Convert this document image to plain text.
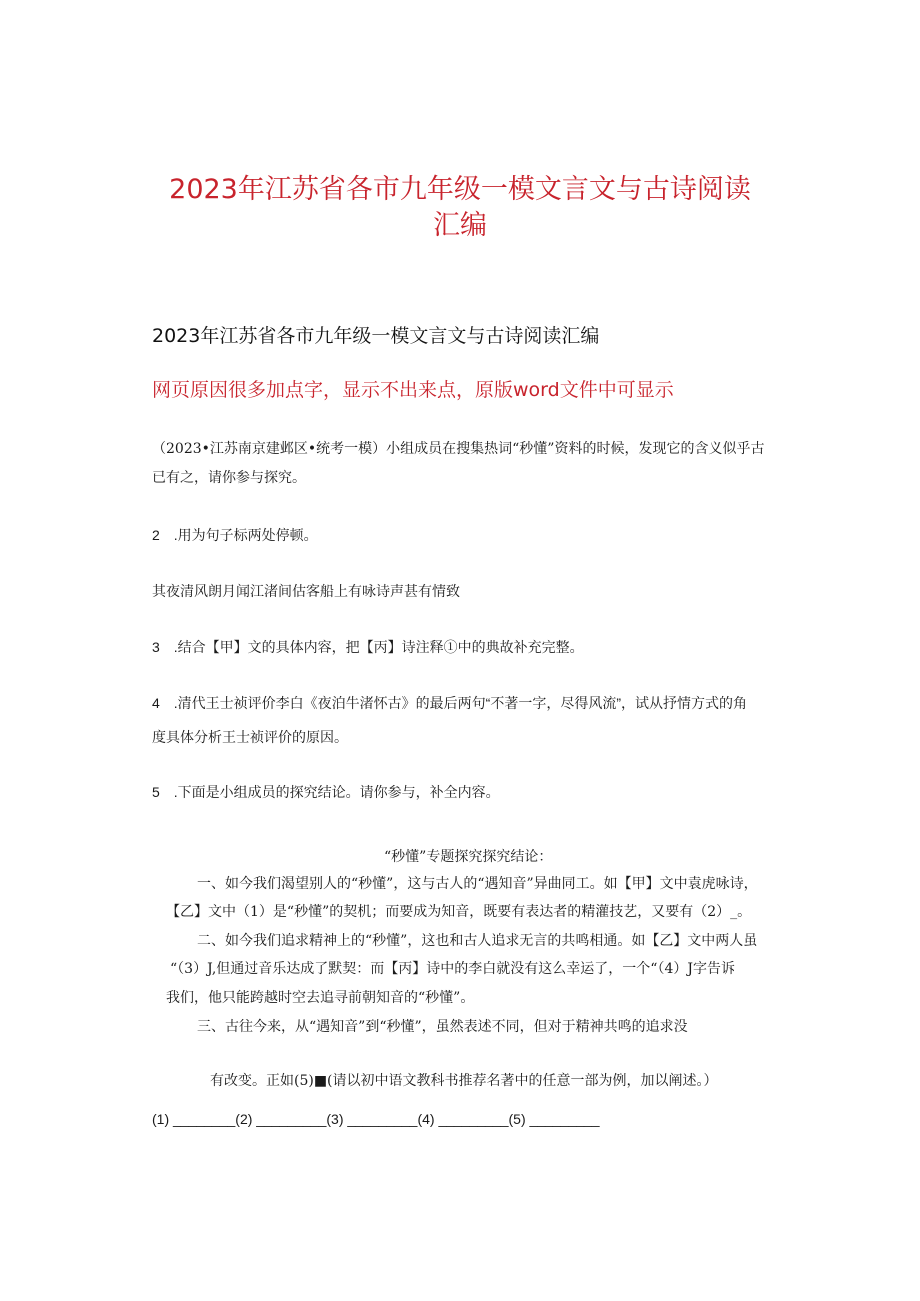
2023年江苏省各市九年级一模文言文与古诗阅读
汇编
2023年江苏省各市九年级一模文言文与古诗阅读汇编
网页原因很多加点字，显示不出来点，原版word文件中可显示
（2023•江苏南京建邺区•统考一模）小组成员在搜集热词“秒懂”资料的时候，发现它的含义似乎古
已有之，请你参与探究。
2　.用为句子标两处停顿。
其夜清风朗月闻江渚间估客船上有咏诗声甚有情致
3　.结合【甲】文的具体内容，把【丙】诗注释①中的典故补充完整。
4　.清代王士祯评价李白《夜泊牛渚怀古》的最后两句“不著一字，尽得风流”，试从抒情方式的角
度具体分析王士祯评价的原因。
5　.下面是小组成员的探究结论。请你参与，补全内容。
“秒懂”专题探究探究结论：
一、如今我们渴望别人的“秒懂”，这与古人的“遇知音”异曲同工。如【甲】文中袁虎咏诗，
【乙】文中（1）是“秒懂”的契机；而要成为知音，既要有表达者的精灌技艺，又要有（2）_。
二、如今我们追求精神上的“秒懂”，这也和古人追求无言的共鸣相通。如【乙】文中两人虽
“（3）J,但通过音乐达成了默契：而【丙】诗中的李白就没有这么幸运了，一个“（4）J字告诉
我们，他只能跨越时空去追寻前朝知音的“秒懂”。
三、古往今来，从“遇知音”到“秒懂”，虽然表述不同，但对于精神共鸣的追求没
有改变。正如(5)■(请以初中语文教科书推荐名著中的任意一部为例，加以阐述。）
(1) ________(2) _________(3) _________(4) _________(5) _________
